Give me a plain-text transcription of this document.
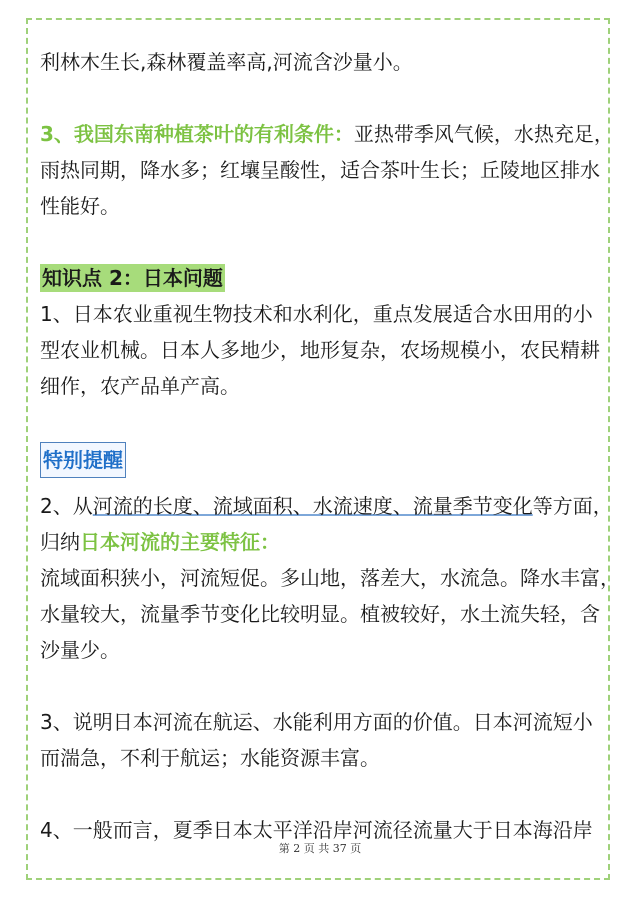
利林木生长,森林覆盖率高,河流含沙量小。
3、我国东南种植茶叶的有利条件：亚热带季风气候，水热充足，
雨热同期，降水多；红壤呈酸性，适合茶叶生长；丘陵地区排水
性能好。
知识点 2：日本问题
1、日本农业重视生物技术和水利化，重点发展适合水田用的小
型农业机械。日本人多地少，地形复杂，农场规模小，农民精耕
细作，农产品单产高。
特别提醒
2、从河流的长度、流域面积、水流速度、流量季节变化等方面，
归纳日本河流的主要特征：
流域面积狭小，河流短促。多山地，落差大，水流急。降水丰富，
水量较大，流量季节变化比较明显。植被较好，水土流失轻，含
沙量少。
3、说明日本河流在航运、水能利用方面的价值。日本河流短小
而湍急，不利于航运；水能资源丰富。
4、一般而言，夏季日本太平洋沿岸河流径流量大于日本海沿岸
第 2 页 共 37 页
